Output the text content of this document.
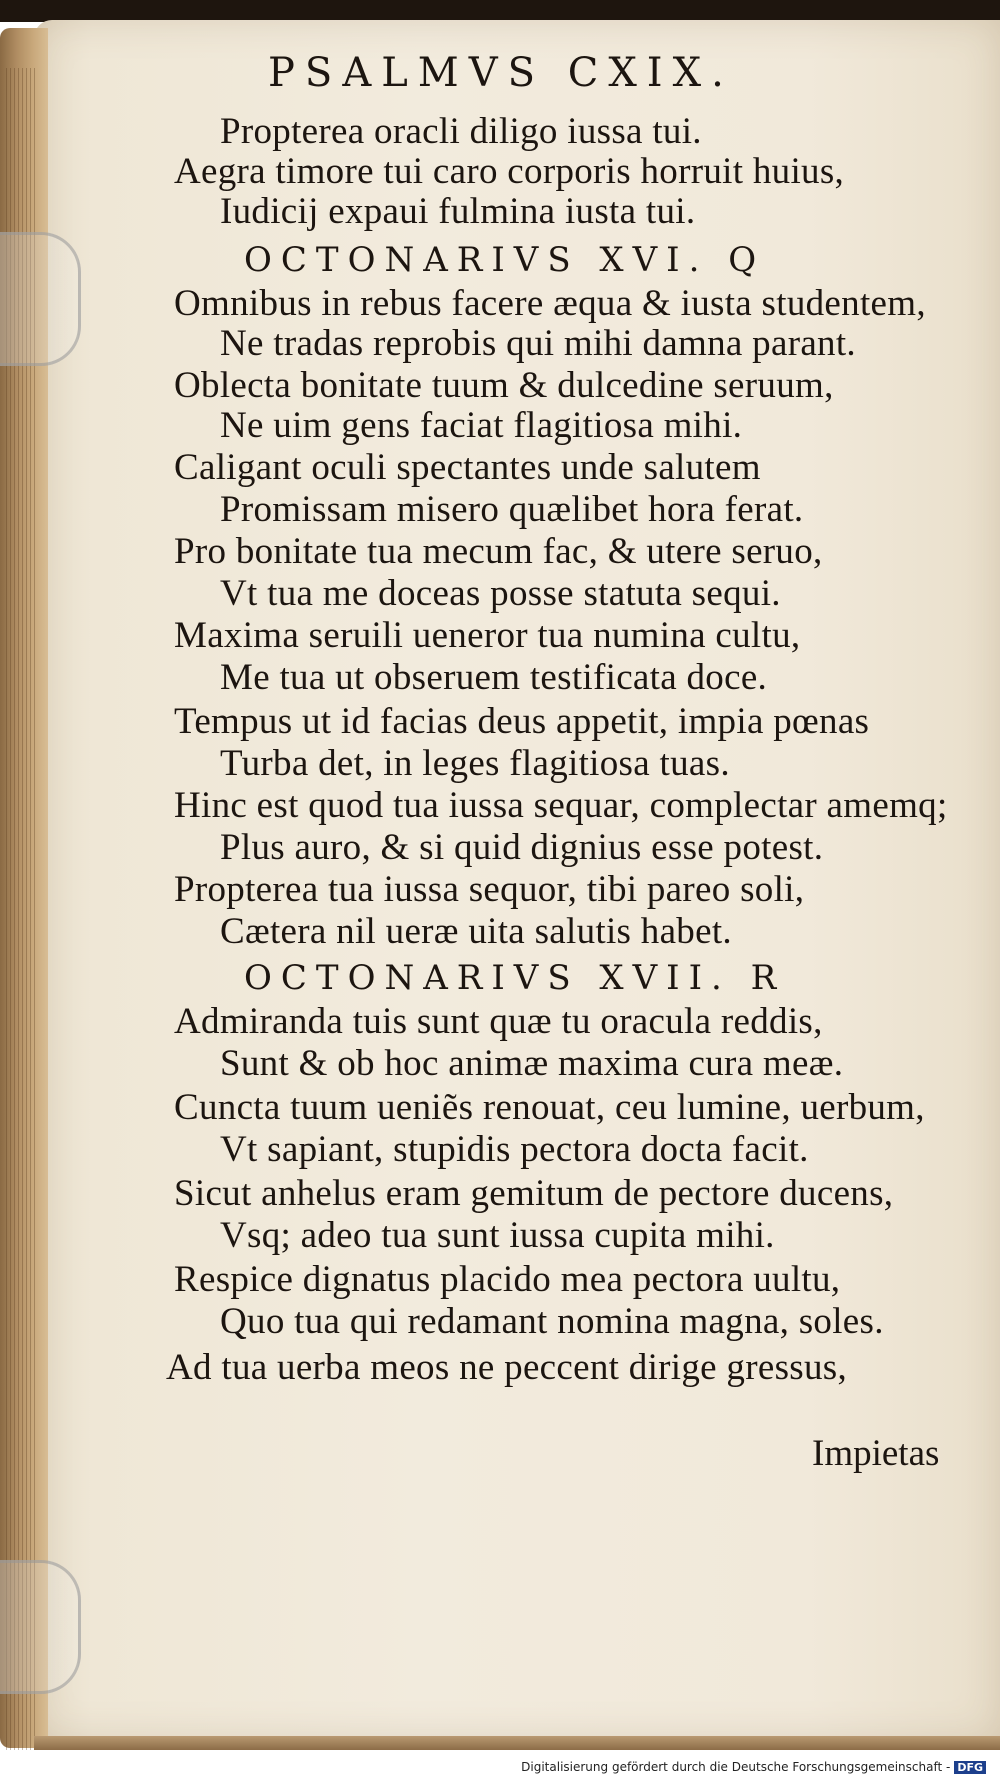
PSALMVS CXIX.
Propterea oracli diligo iussa tui.
Aegra timore tui caro corporis horruit huius,
Iudicij expaui fulmina iusta tui.
OCTONARIVS XVI. Q
Omnibus in rebus facere æqua & iusta studentem,
Ne tradas reprobis qui mihi damna parant.
Oblecta bonitate tuum & dulcedine seruum,
Ne uim gens faciat flagitiosa mihi.
Caligant oculi spectantes unde salutem
Promissam misero quælibet hora ferat.
Pro bonitate tua mecum fac, & utere seruo,
Vt tua me doceas posse statuta sequi.
Maxima seruili ueneror tua numina cultu,
Me tua ut obseruem testificata doce.
Tempus ut id facias deus appetit, impia pœnas
Turba det, in leges flagitiosa tuas.
Hinc est quod tua iussa sequar, complectar amemq;
Plus auro, & si quid dignius esse potest.
Propterea tua iussa sequor, tibi pareo soli,
Cætera nil ueræ uita salutis habet.
OCTONARIVS XVII. R
Admiranda tuis sunt quæ tu oracula reddis,
Sunt & ob hoc animæ maxima cura meæ.
Cuncta tuum ueniẽs renouat, ceu lumine, uerbum,
Vt sapiant, stupidis pectora docta facit.
Sicut anhelus eram gemitum de pectore ducens,
Vsq; adeo tua sunt iussa cupita mihi.
Respice dignatus placido mea pectora uultu,
Quo tua qui redamant nomina magna, soles.
Ad tua uerba meos ne peccent dirige gressus,
Impietas
Digitalisierung gefördert durch die Deutsche Forschungsgemeinschaft - DFG
